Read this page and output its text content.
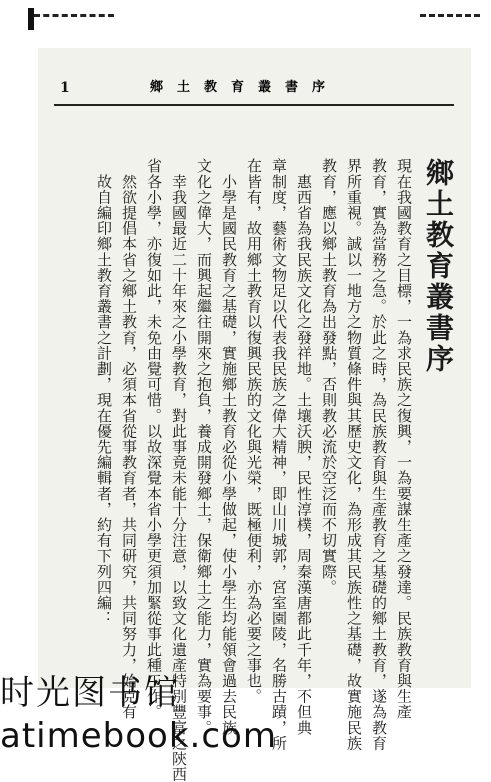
1
鄉土教育叢書序
現在我國教育之目標，一為求民族之復興，一為要謀生產之發達。民族教育與生產
教育，實為當務之急。於此之時，為民族教育與生產教育之基礎的鄉土教育，遂為教育
界所重視。誠以一地方之物質條件與其歷史文化，為形成其民族性之基礎，故實施民族
教育，應以鄉土教育為出發點，否則教必流於空泛而不切實際。
　惠西省為我民族文化之發祥地。土壤沃腴，民性淳樸，周秦漢唐都此千年，不但典
章制度，藝術文物足以代表我民族之偉大精神，即山川城郭，宮室園陵，名勝古蹟，所
在皆有，故用鄉土教育以復興民族的文化與光榮，既極便利，亦為必要之事也。
　小學是國民教育之基礎，實施鄉土教育必從小學做起，使小學生均能領會過去民族
文化之偉大，而興起繼往開來之抱負，養成開發鄉土，保衛鄉土之能力，實為要事。
　幸我國最近二十年來之小學教育，對此事竟未能十分注意，以致文化遺產特別豐富之陝西
省各小學，亦復如此，未免由覺可惜。以故深覺本省小學更須加緊從事此種工作。
　然欲提倡本省之鄉土教育，必須本省從事教育者，共同研究，共同努力，始克有
　故自編印鄉土教育叢書之計劃，現在優先編輯者，約有下列四編：
时光图书馆
atimebook.com
鄉土教育叢書序
